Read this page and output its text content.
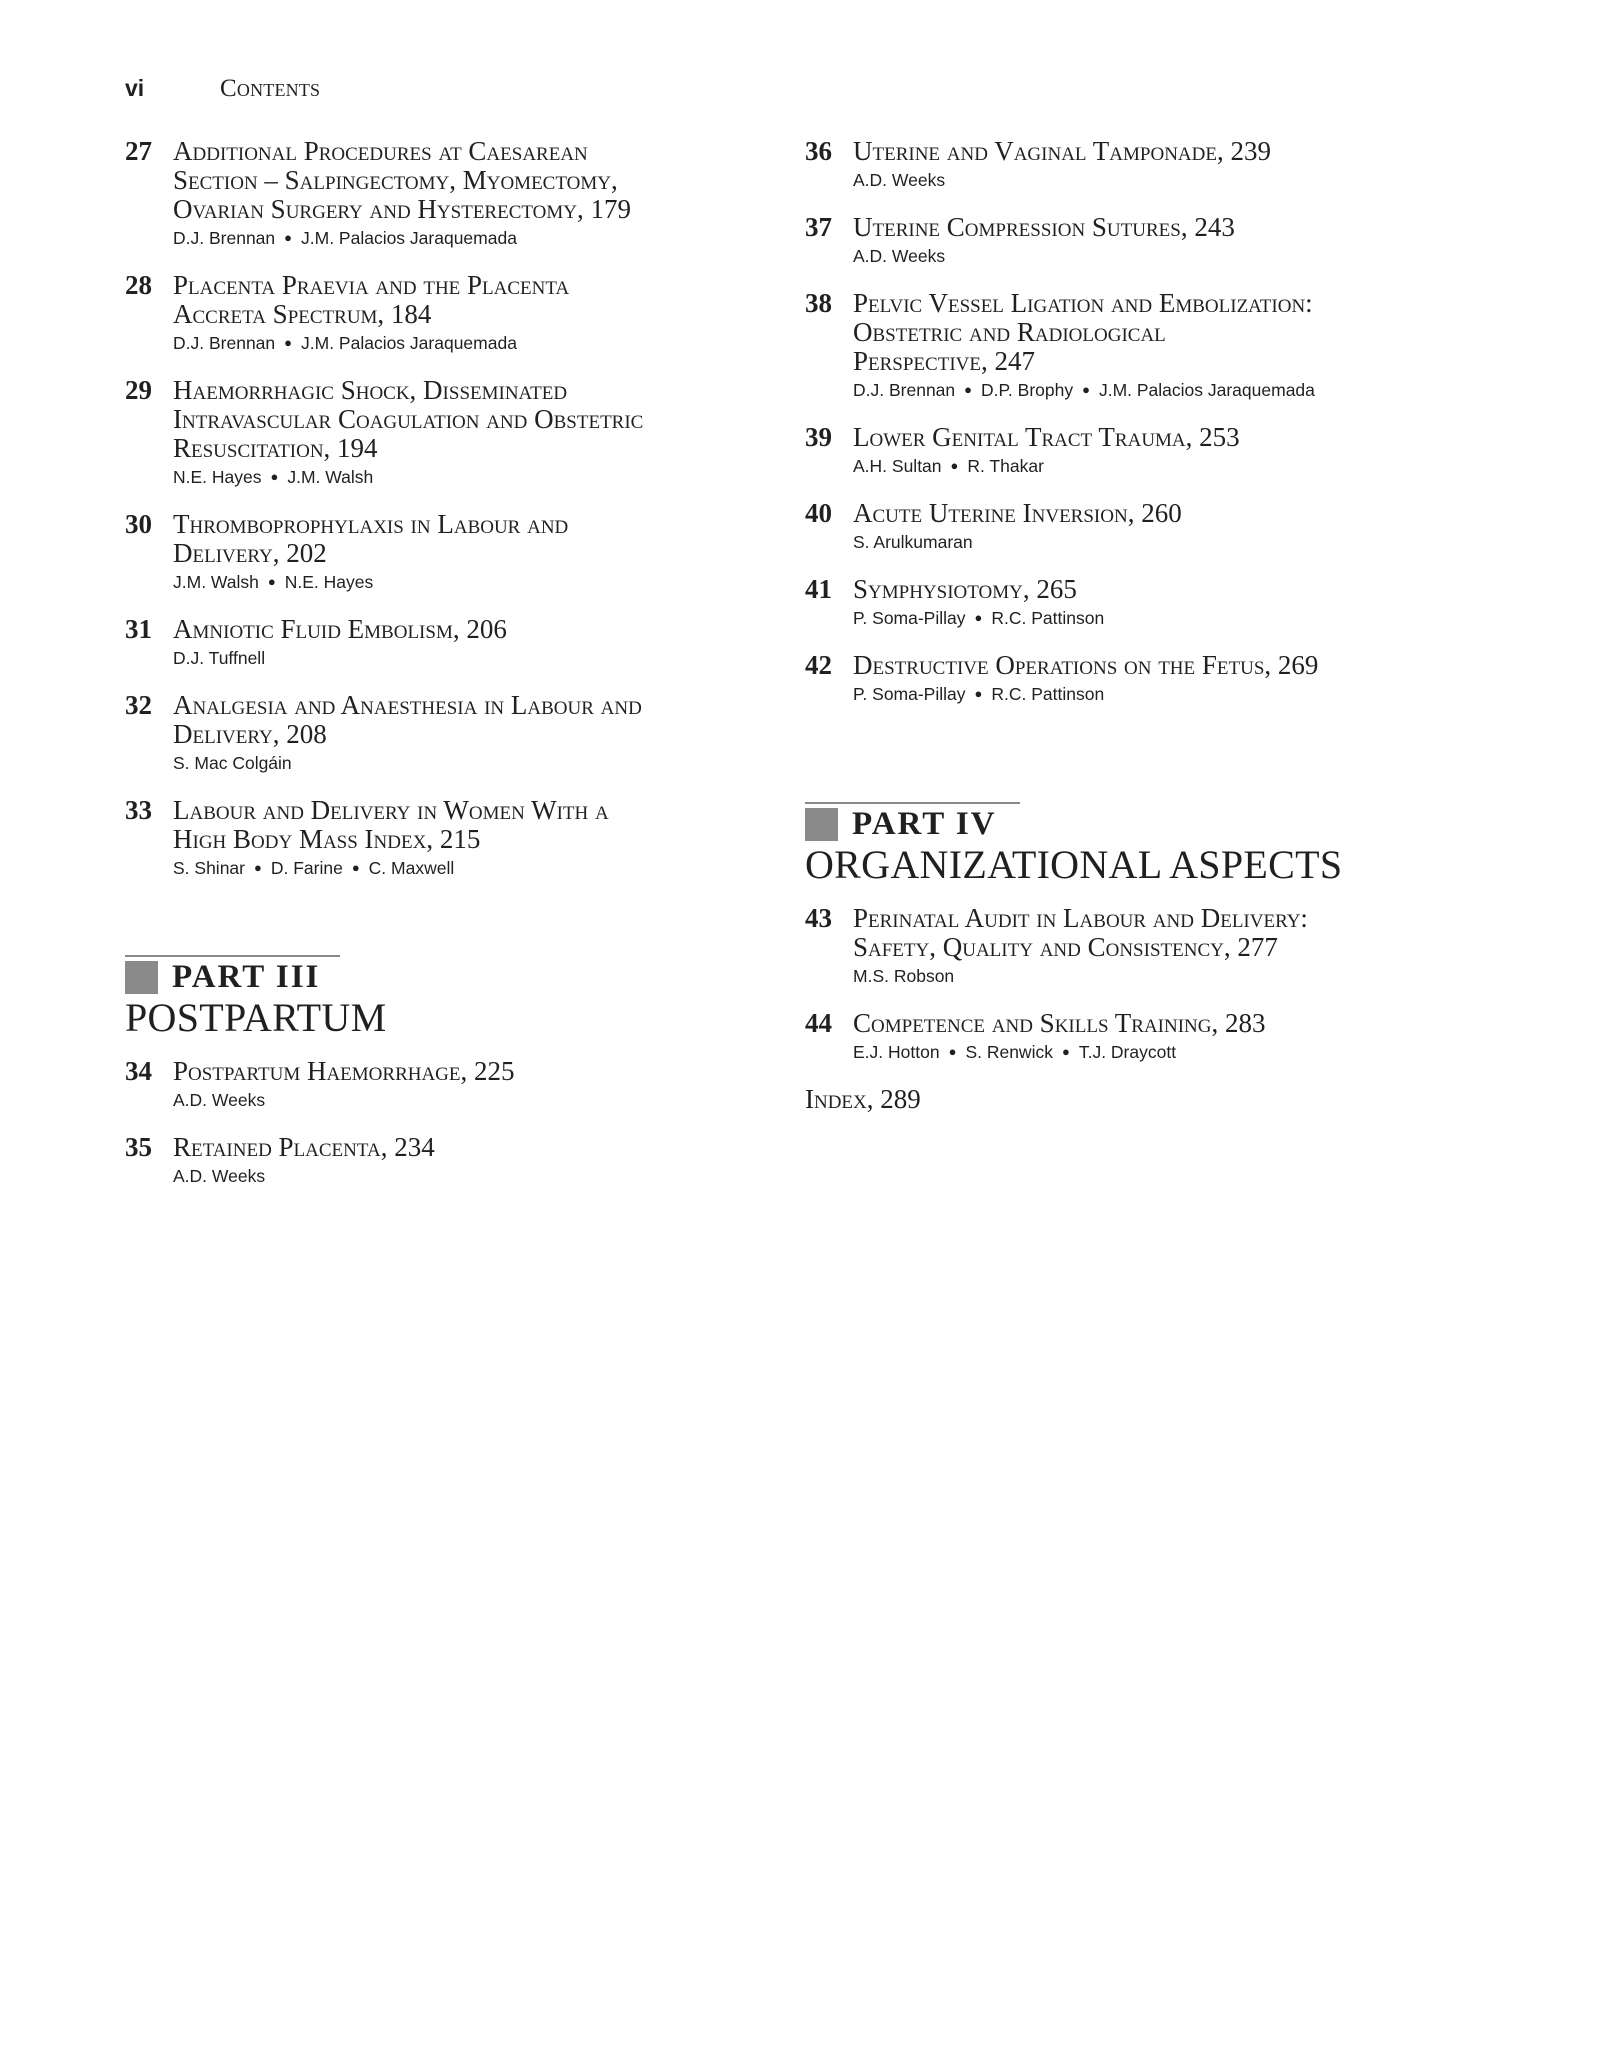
vi	Contents
27 Additional Procedures at Caesarean
Section – Salpingectomy, Myomectomy,
Ovarian Surgery and Hysterectomy, 179
D.J. Brennan ● J.M. Palacios Jaraquemada
28 Placenta Praevia and the Placenta
Accreta Spectrum, 184
D.J. Brennan ● J.M. Palacios Jaraquemada
29 Haemorrhagic Shock, Disseminated
Intravascular Coagulation and Obstetric
Resuscitation, 194
N.E. Hayes ● J.M. Walsh
30 Thromboprophylaxis in Labour and
Delivery, 202
J.M. Walsh ● N.E. Hayes
31 Amniotic Fluid Embolism, 206
D.J. Tuffnell
32 Analgesia and Anaesthesia in Labour and
Delivery, 208
S. Mac Colgáin
33 Labour and Delivery in Women With a
High Body Mass Index, 215
S. Shinar ● D. Farine ● C. Maxwell
PART III
POSTPARTUM
34 Postpartum Haemorrhage, 225
A.D. Weeks
35 Retained Placenta, 234
A.D. Weeks
36 Uterine and Vaginal Tamponade, 239
A.D. Weeks
37 Uterine Compression Sutures, 243
A.D. Weeks
38 Pelvic Vessel Ligation and Embolization:
Obstetric and Radiological
Perspective, 247
D.J. Brennan ● D.P. Brophy ● J.M. Palacios Jaraquemada
39 Lower Genital Tract Trauma, 253
A.H. Sultan ● R. Thakar
40 Acute Uterine Inversion, 260
S. Arulkumaran
41 Symphysiotomy, 265
P. Soma-Pillay ● R.C. Pattinson
42 Destructive Operations on the Fetus, 269
P. Soma-Pillay ● R.C. Pattinson
PART IV
ORGANIZATIONAL ASPECTS
43 Perinatal Audit in Labour and Delivery:
Safety, Quality and Consistency, 277
M.S. Robson
44 Competence and Skills Training, 283
E.J. Hotton ● S. Renwick ● T.J. Draycott
Index, 289
